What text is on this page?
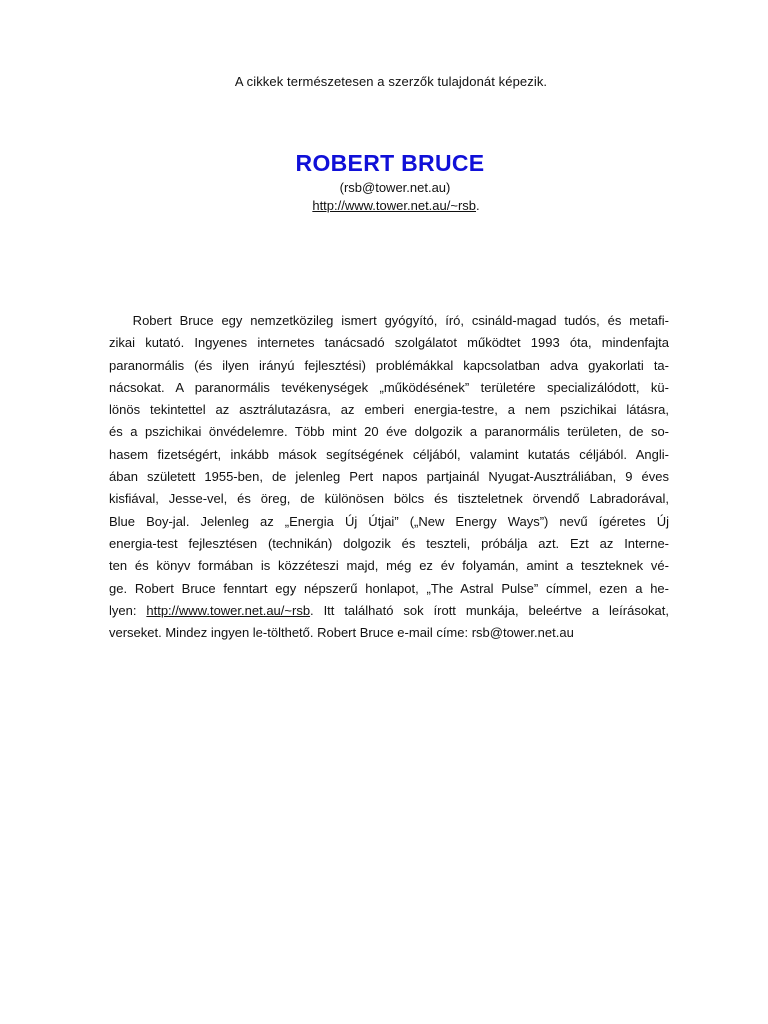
A cikkek természetesen a szerzők tulajdonát képezik.
ROBERT BRUCE
(rsb@tower.net.au)
http://www.tower.net.au/~rsb.
Robert Bruce egy nemzetközileg ismert gyógyító, író, csináld-magad tudós, és metafi-
zikai kutató. Ingyenes internetes tanácsadó szolgálatot működtet 1993 óta, mindenfajta
paranormális (és ilyen irányú fejlesztési) problémákkal kapcsolatban adva gyakorlati ta-
nácsokat. A paranormális tevékenységek „működésének” területére specializálódott, kü-
lönös tekintettel az asztrálutazásra, az emberi energia-testre, a nem pszichikai látásra,
és a pszichikai önvédelemre. Több mint 20 éve dolgozik a paranormális területen, de so-
hasem fizetségért, inkább mások segítségének céljából, valamint kutatás céljából. Angli-
ában született 1955-ben, de jelenleg Pert napos partjainál Nyugat-Ausztráliában, 9 éves
kisfiával, Jesse-vel, és öreg, de különösen bölcs és tiszteletnek örvendő Labradorával,
Blue Boy-jal. Jelenleg az „Energia Új Útjai” („New Energy Ways”) nevű ígéretes Új
energia-test fejlesztésen (technikán) dolgozik és teszteli, próbálja azt. Ezt az Interne-
ten és könyv formában is közzéteszi majd, még ez év folyamán, amint a teszteknek vé-
ge. Robert Bruce fenntart egy népszerű honlapot, „The Astral Pulse” címmel, ezen a he-
lyen: http://www.tower.net.au/~rsb. Itt található sok írott munkája, beleértve a leírásokat,
verseket. Mindez ingyen le-tölthető. Robert Bruce e-mail címe: rsb@tower.net.au
